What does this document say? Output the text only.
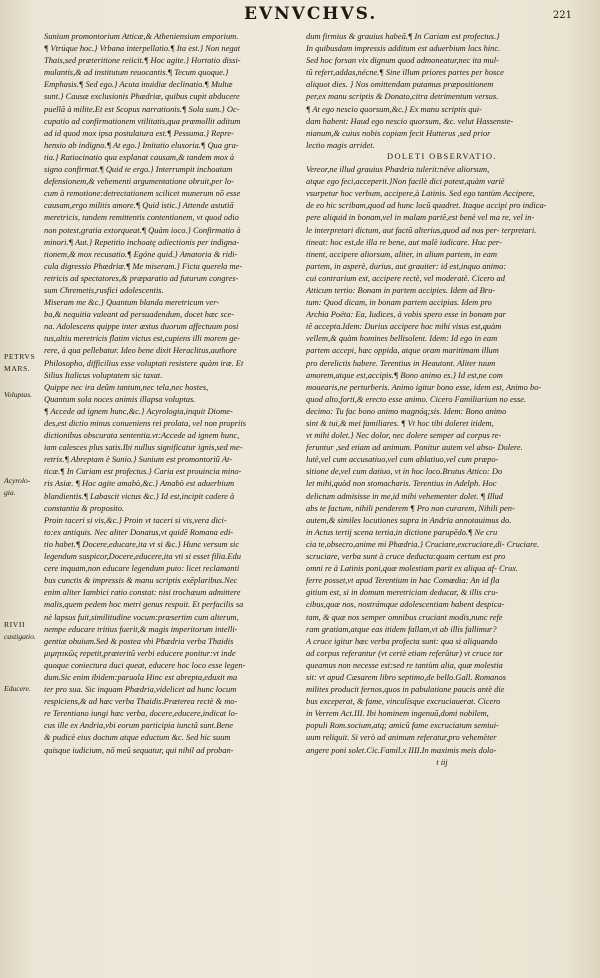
EVNVCHVS.	221
Sunium promontorium Atticæ,& Atheniensium emporium.
¶ Vtrúque hoc.} Vrbana interpellatio.¶ Ita est.} Non negat
Thais,sed præteritione reiicit.¶ Hoc agite.} Hortatio dissi-
mulantis,& ad institutum reuocantis.¶ Tecum quoque.}
Emphasis.¶ Sed ego.} Acuta inuidiæ declinatio.¶ Multæ
sunt.} Causæ exclusionis Phædriæ, quibus cupit abducere
puellã à milite.Et est Scopus narrationis.¶ Sola sum.} Oc-
cupatio ad confirmationem vtilitatis,qua præmollit aditum
ad id quod mox ipsa postulatura est.¶ Pessuma.} Repre-
hensio ab indigno.¶ At ego.} Imitatio elusoria.¶ Qua gra-
tia.} Ratiocinatio qua explanat causam,& tandem mox à
signo confirmat.¶ Quid te ergo.} Interrumpit inchoatam
defensionem,& vehementi argumentatione obruit,per lo-
cum à remotione:detrectationem scilicet munerum nõ esse
causam,ergo militis amore.¶ Quid istic.} Attende astutiã
meretricis, tandem remittentis contentionem, vt quod odio
non potest,gratia extorqueat.¶ Quàm ioco.} Confirmatio à
minori.¶ Aut.} Repetitio inchoatę adiectionis per indigna-
tionem,& mox recusatio.¶ Egóne quid.} Amatoria & ridi-
cula digressio Phædriæ.¶ Me miseram.} Ficta querela me-
retricis ad spectatores,& præparatio ad futurum congres-
sum Chremetis,rusfici adolescentis.
Miseram me &c.} Quantum blanda meretricum ver-
ba,& nequitia valeant ad persuadendum, docet hæc sce-
na. Adolescens quippe inter æstus duorum affectuum posi
tus,altiu meretricis flatim victus est,cupiens illi morem ge-
rere, à qua pellebatur. Ideo bene dixit Heraclitus,authore
Philosopho, difficilius esse voluptati resistere quàm iræ. Et
Silius Italicus voluptatem sic taxat.
Quippe nec ira deûm tantum,nec tela,nec hostes,
Quantum sola noces animis illapsa voluptas.
¶ Accede ad ignem hunc,&c.} Acyrologia,inquit Diome-
des,est dictio minus conueniens rei prolata, vel non propriis
dictionibus obscurata sententia.vt:Accede ad ignem hunc,
iam calesces plus satis.Ibi nullus significatur ignis,sed me-
retrix.¶ Abreptam è Sunio.} Sunium est promontoriũ At-
ticæ.¶ In Cariam est profectus.} Caria est prouincia mino-
ris Asiæ. ¶ Hoc agite amabò,&c.} Amabò est aduerbium
blandientis.¶ Labascit victus &c.} Id est,incipit cadere à
constantia & proposito.
Proin taceri si vis,&c.} Proin vt taceri si vis,vera dici-
to:ex antiquis. Nec aliter Donatus,vt quidẽ Romana edi-
tio habet.¶ Docere,educare,ita vt si &c.} Hunc versum sic
legendum suspicor,Docere,educere,ita vti si esset filia.Edu
cere inquam,non educare legendum puto: licet reclamanti
bus cunctis & impressis & manu scriptis exēplaribus.Nec
enim aliter Iambici ratio constat: nisi trochæum admittere
malis,quem pedem hoc metri genus respuit. Et perfacilis sa
nè lapsus fuit,similitudine vocum:præsertim cum alterum,
nempe educare tritius fuerit,& magis imperitorum intelli-
gentiæ obuium.Sed & postea vbi Phædria verba Thaidis
μιμητικῶς repetit,præteritũ verbi educere ponitur:vt inde
quoque coniectura duci queat, educere hoc loco esse legen-
dum.Sic enim ibidem:paruola Hinc est abrepta,eduxit ma
ter pro sua. Sic inquam Phædria,videlicet ad hunc locum
respiciens,& ad hæc verba Thaidis.Præterea rectè & mo-
re Terentiano iungi hæc verba, docere,educere,indicat lo-
cus ille ex Andria,vbi eorum participia iunctã sunt.Bene
& pudicè eius doctum atque eductum &c. Sed hic suum
quisque iudicium, nõ meũ sequatur, qui nihil ad proban-
dum firmius & grauius habeã.¶ In Cariam est profectus.}
In quibusdam impressis additum est aduerbium locs hinc.
Sed hoc forsan vix dignum quod admoneatur,nec ita mul-
tũ refert,addas,nécne.¶ Sine illum priores partes per hosce
aliquot dies. } Nos omittendam putamus præpositionem
per,ex manu scriptis & Donato,citra detrimentum versus.
¶ At ego nescio quorsum,&c.} Ex manu scriptis qui-
dam habent: Haud ego nescio quorsum, &c. velut Hassenste-
nianum,& cuius nobis copiam fecit Hutterus ,sed prior
lectio magis arridet.
DOLETI OBSERVATIO.
Vereor,ne illud grauius Phædria tulerit:néve aliorsum,
atque ego feci,acceperit.}Non facilè dici potest,quàm variè
vsurpetur hoc verbum, accipere,à Latinis. Sed ego tantùm Accipere,
de eo hic scribam,quod ad hunc locũ quadret. Itaque accipi pro indica-
pere aliquid in bonam,vel in malam partẽ,est benè vel ma re, vel in-
le interpretari dictum, aut factũ alterius,quod ad nos per- terpretari.
tineat: hoc est,de illa re bene, aut malè iudicare. Huc per-
tinent, accipere aliorsum, aliter, in alium partem, in eam
partem, in asperè, durius, aut grauiter: id est,inquo animo:
cui contrarium est, accipere rectè, vel moderatè. Cicero ad
Atticum tertio: Bonam in partem accipies. Idem ad Bru-
tum: Quod dicam, in bonam partem accipias. Idem pro
Archia Poëta: Ea, Iudices, à vobis spero esse in bonam par
tẽ accepta.Idem: Durius accipere hoc mihi visus est,quàm
vellem,& quàm homines bellisolent. Idem: Id ego in eam
partem accepi, hæc oppida, atque oram maritimam illum
pro derelictis habere. Terentius in Heautont. Aliter tuum
amorem,atque est,accipis.¶ Bono animo es.} Id est,ne com
mouearis,ne perturberis. Animo igitur bono esse, idem est, Animo bo-
quod alto,forti,& erecto esse animo. Cicero Familiarium no esse.
decimo: Tu fac bono animo magnóq;sis. Idem: Bono animo
sint & tui,& mei familiares. ¶ Vt hoc tibi doleret itidem,
vt mihi dolet.} Nec dolor, nec dolere semper ad corpus re-
feruntur ,sed etiam ad animum. Ponitur autem vel abso- Dolere.
lutè,vel cum accusatiuo,vel cum ablatiuo,vel cum præpo-
sitione de,vel cum datiuo, vt in hoc loco.Brutus Attico: Do
let mihi,quòd non stomacharis. Terentius in Adelph. Hoc
delictum admisisse in me,id mihi vehementer dolet. ¶ Illud
abs te factum, nihili penderem ¶ Pro non curarem, Nihili pen-
autem,& similes locutiones supra in Andria annotauimus do.
in Actus tertij scena tertia,in dictione parupēdo.¶ Ne cru
cia te,obsecro,anime mi Phædria.} Cruciare,excruciare,di- Cruciare.
scruciare, verba sunt à cruce deducta:quam certum est pro
omni re à Latinis poni,quæ molestiam parit ex aliqua af- Crux.
ferre posset,vt apud Terentium in hac Comœdia: An id fla
gitium est, si in domum meretriciam deducar, & illis cru-
cibus,quæ nos, nostrámque adolescentiam habent despica-
tam, & quæ nos semper omnibus cruciant modis,nunc refe
ram gratiam,atque eas itidem fallam,vt ab illis fallimur?
A cruce igitur hæc verba profecta sunt: qua si aliquando
ad corpus referantur (vt certè etiam referũtur) vt cruce tor
queamus non necesse est:sed re tantùm alia, quæ molestia
sit: vt apud Cæsarem libro septimo,de bello.Gall. Romanos
milites producit fernos,quos in pabulatione paucis antè die
bus exceperat, & fame, vinculísque excruciauerat. Cicero
in Verrem Act.III. Ibi hominem ingenuũ,domi nobilem,
populi Rom.socium,atq; amicũ fame excruciatum semiui-
uum reliquit. Si verò ad animum referatur,pro vehemèter
angere poni solet.Cic.Famil.x IIII.In maximis meis dolo-
t iij
PETRVS
MARS.
Voluptas.
Acyrolo-
gia.
RIVII
castigatio.
Educere.
